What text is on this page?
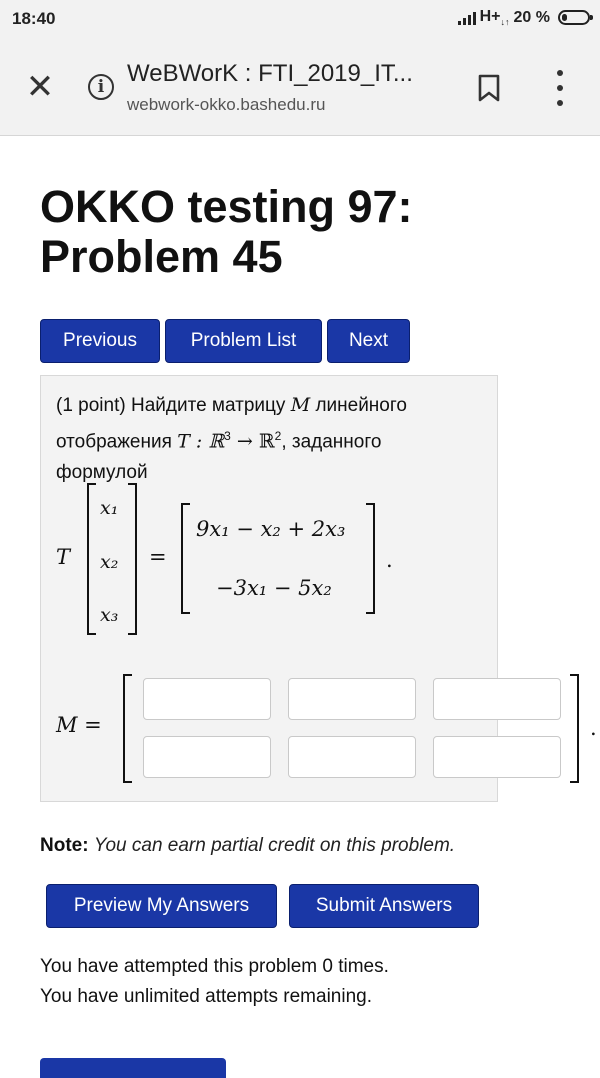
18:40	$H+_{↓↑}$ 20 %
✕	i WeBWorK : FTI_2019_IT...
webwork-okko.bashedu.ru
OKKO testing 97:
Problem 45
Previous	Problem List	Next
(1 point) Найдите матрицу M линейного отображения T : ℝ$^3$ → ℝ$^2$, заданного формулой
T
x₁
x₂
x₃
=
9x₁ − x₂ + 2x₃
−3x₁ − 5x₂
.
M =	.
Note: You can earn partial credit on this problem.
Preview My Answers	Submit Answers
You have attempted this problem 0 times.
You have unlimited attempts remaining.
